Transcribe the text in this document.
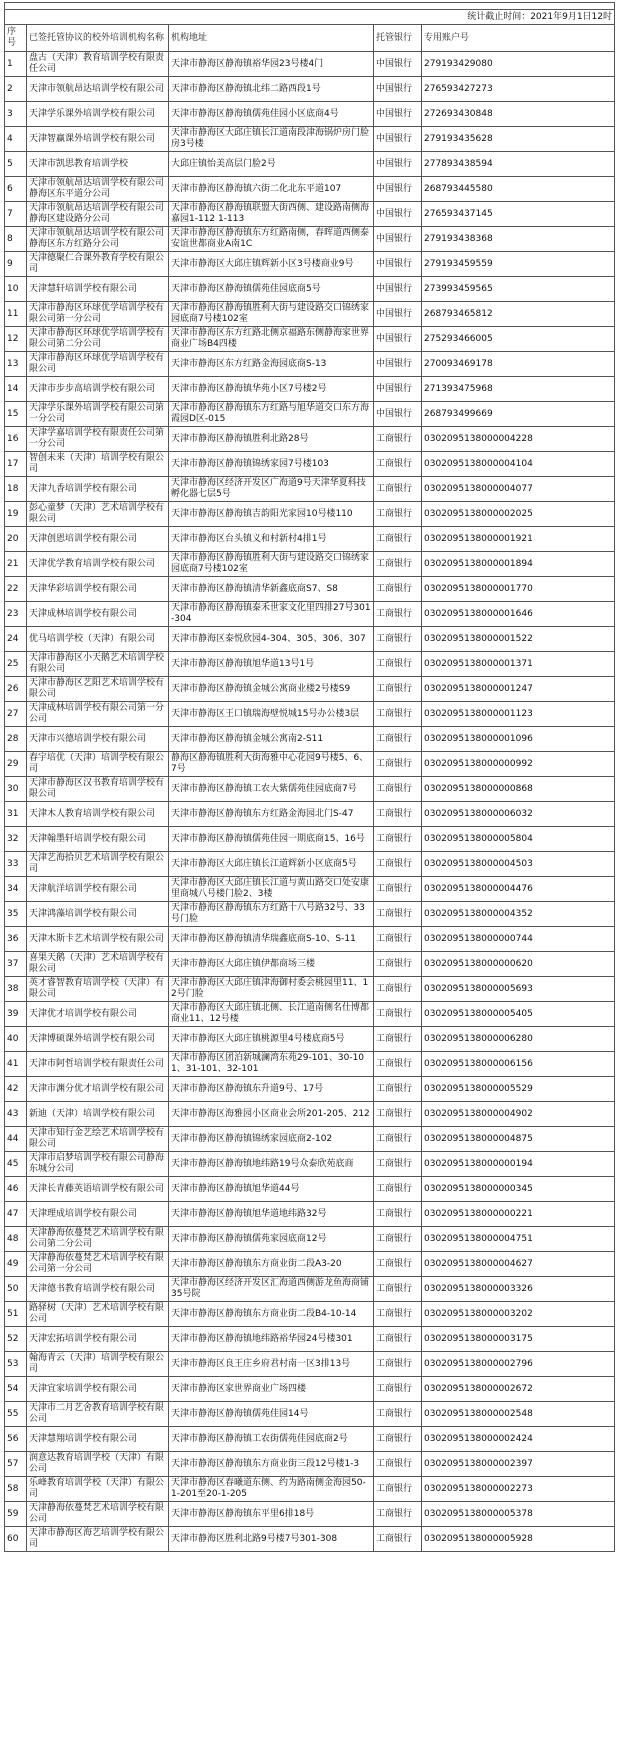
统计截止时间：2021年9月1日12时				
序号	已签托管协议的校外培训机构名称	机构地址	托管银行	专用账户号
1	盘古（天津）教育培训学校有限责任公司	天津市静海区静海镇裕华园23号楼4门	中国银行	279193429080
2	天津市领航昂达培训学校有限公司	天津市静海区静海镇北纬二路西段1号	中国银行	276593427273
3	天津学乐课外培训学校有限公司	天津市静海区静海镇儒苑佳园小区底商4号	中国银行	272693430848
4	天津智赢课外培训学校有限公司	天津市静海区大邱庄镇长江道南段津海锅炉房门脸房3号楼	中国银行	279193435628
5	天津市凯思教育培训学校	大邱庄镇怡美高层门脸2号	中国银行	277893438594
6	天津市领航昂达培训学校有限公司静海区东平道分公司	天津市静海区静海镇六街二化北东平道107	中国银行	268793445580
7	天津市领航昂达培训学校有限公司静海区建设路分公司	天津市静海区静海镇联盟大街西侧、建设路南侧海嘉园1-112 1-113	中国银行	276593437145
8	天津市领航昂达培训学校有限公司静海区东方红路分公司	天津市静海区静海镇东方红路南侧，春晖道西侧泰安谊世都商业A南1C	中国银行	279193438368
9	天津德聚仁合课外教育学校有限公司	天津市静海区大邱庄镇辉新小区3号楼商业9号	中国银行	279193459559
10	天津慧轩培训学校有限公司	天津市静海区静海镇儒苑佳园底商5号	中国银行	273993459565
11	天津市静海区环球优学培训学校有限公司第一分公司	天津市静海区静海镇胜利大街与建设路交口锦绣家园底商7号楼102室	中国银行	268793465812
12	天津市静海区环球优学培训学校有限公司第二分公司	天津市静海区东方红路北侧京福路东侧静海家世界商业广场B4四楼	中国银行	275293466005
13	天津市静海区环球优学培训学校有限公司	天津市静海区东方红路金海园底商S-13	中国银行	270093469178
14	天津市步步高培训学校有限公司	天津市静海区静海镇华苑小区7号楼2号	中国银行	271393475968
15	天津学乐课外培训学校有限公司第一分公司	天津市静海区静海镇东方红路与旭华道交口东方海霞园D区-015	中国银行	268793499669
16	天津学嘉培训学校有限责任公司第一分公司	天津市静海区静海镇胜利北路28号	工商银行	0302095138000004228
17	智创未来（天津）培训学校有限公司	天津市静海区静海镇锦绣家园7号楼103	工商银行	0302095138000004104
18	天津九香培训学校有限公司	天津市静海区经济开发区广海道9号天津华夏科技孵化器七层5号	工商银行	0302095138000004077
19	彭心童梦（天津）艺术培训学校有限公司	天津市静海区静海镇吉韵阳光家园10号楼110	工商银行	0302095138000002025
20	天津创恩培训学校有限公司	天津市静海区台头镇义和村新村4排1号	工商银行	0302095138000001921
21	天津优学教育培训学校有限公司	天津市静海区静海镇胜利大街与建设路交口锦绣家园底商7号楼102室	工商银行	0302095138000001894
22	天津华彩培训学校有限公司	天津市静海区静海镇清华新鑫底商S7、S8	工商银行	0302095138000001770
23	天津成林培训学校有限公司	天津市静海区静海镇泰禾世家文化里四排27号301-304	工商银行	0302095138000001646
24	优马培训学校（天津）有限公司	天津市静海区泰悦欣园4-304、305、306、307	工商银行	0302095138000001522
25	天津市静海区小天鹅艺术培训学校有限公司	天津市静海区静海镇旭华道13号1号	工商银行	0302095138000001371
26	天津市静海区艺阳艺术培训学校有限公司	天津市静海区静海镇金城公寓商业楼2号楼S9	工商银行	0302095138000001247
27	天津成林培训学校有限公司第一分公司	天津市静海区王口镇瑞海壁悦城15号办公楼3层	工商银行	0302095138000001123
28	天津市兴德培训学校有限公司	天津市静海区静海镇金城公寓南2-S11	工商银行	0302095138000001096
29	春宇培优（天津）培训学校有限公司	静海区静海镇胜利大街海雅中心花园9号楼5、6、7号	工商银行	0302095138000000992
30	天津市静海区汉书教育培训学校有限公司	天津市静海区静海镇工农大紫儒苑佳园底商7号	工商银行	0302095138000000868
31	天津木人教育培训学校有限公司	天津市静海区静海镇东方红路金海园北门S-47	工商银行	0302095138000006032
32	天津翰墨轩培训学校有限公司	天津市静海区静海镇儒苑佳园一期底商15、16号	工商银行	0302095138000005804
33	天津艺海拾贝艺术培训学校有限公司	天津市静海区大邱庄镇长江道辉新小区底商5号	工商银行	0302095138000004503
34	天津航洋培训学校有限公司	天津市静海区大邱庄镇长江道与黄山路交口处安康里商城八号楼门脸2、3楼	工商银行	0302095138000004476
35	天津鸿藻培训学校有限公司	天津市静海区静海镇东方红路十八号路32号、33号门脸	工商银行	0302095138000004352
36	天津木斯卡艺术培训学校有限公司	天津市静海区静海镇清华瑞鑫底商S-10、S-11	工商银行	0302095138000000744
37	喜果天鹅（天津）艺术培训学校有限公司	天津市静海区大邱庄镇伊都商场三楼	工商银行	0302095138000000620
38	英才睿智教育培训学校（天津）有限公司	天津市静海区大邱庄镇津海御村委会桃园里11、12号门脸	工商银行	0302095138000005693
39	天津优才培训学校有限公司	天津市静海区大邱庄镇北侧、长江道南侧名仕博都商业11、12号楼	工商银行	0302095138000005405
40	天津博硕课外培训学校有限公司	天津市静海区大邱庄镇桃源里4号楼底商5号	工商银行	0302095138000006280
41	天津市阿哲培训学校有限责任公司	天津市静海区团泊新城澜湾东苑29-101、30-101、31-101、32-101	工商银行	0302095138000006156
42	天津市渊分优才培训学校有限公司	天津市静海区静海镇东升道9号、17号	工商银行	0302095138000005529
43	新迪（天津）培训学校有限公司	天津市静海区海雅园小区商业会所201-205、212	工商银行	0302095138000004902
44	天津市知行金艺绘艺术培训学校有限公司	天津市静海区静海镇锦绣家园底商2-102	工商银行	0302095138000004875
45	天津市启梦培训学校有限公司静海东城分公司	天津市静海区静海镇地纬路19号众泰欣苑底商	工商银行	0302095138000000194
46	天津长青藤英语培训学校有限公司	天津市静海区静海镇旭华道44号	工商银行	0302095138000000345
47	天津理成培训学校有限公司	天津市静海区静海镇旭华道地纬路32号	工商银行	0302095138000000221
48	天津静海依蔓梵艺术培训学校有限公司第二分公司	天津市静海区静海镇儒苑家园底商12号	工商银行	0302095138000004751
49	天津静海依蔓梵艺术培训学校有限公司第一分公司	天津市静海区静海镇东方商业街二段A3-20	工商银行	0302095138000004627
50	天津德书教育培训学校有限公司	天津市静海区经济开发区汇海道西侧游龙鱼海商铺35号院	工商银行	0302095138000003326
51	路驿树（天津）艺术培训学校有限公司	天津市静海区静海镇东方商业街二段B4-10-14	工商银行	0302095138000003202
52	天津宏拓培训学校有限公司	天津市静海区静海镇地纬路裕华园24号楼301	工商银行	0302095138000003175
53	翰海青云（天津）培训学校有限公司	天津市静海区良王庄乡府君村南一区3排13号	工商银行	0302095138000002796
54	天津宜家培训学校有限公司	天津市静海区家世界商业广场四楼	工商银行	0302095138000002672
55	天津市二月艺舍教育培训学校有限公司	天津市静海区静海镇儒苑佳园14号	工商银行	0302095138000002548
56	天津慧翔培训学校有限公司	天津市静海区静海镇工农街儒苑佳园底商2号	工商银行	0302095138000002424
57	润意达教育培训学校（天津）有限公司	天津市静海区静海镇东方商业街三段12号楼1-3	工商银行	0302095138000002397
58	乐峰教育培训学校（天津）有限公司	天津市静海区春曦道东侧、约为路南侧金海园50-1-201至20-1-205	工商银行	0302095138000002273
59	天津静海依蔓梵艺术培训学校有限公司	天津市静海区静海镇东平里6排18号	工商银行	0302095138000005378
60	天津市静海区海艺培训学校有限公司	天津市静海区胜利北路9号楼7号301-308	工商银行	0302095138000005928
